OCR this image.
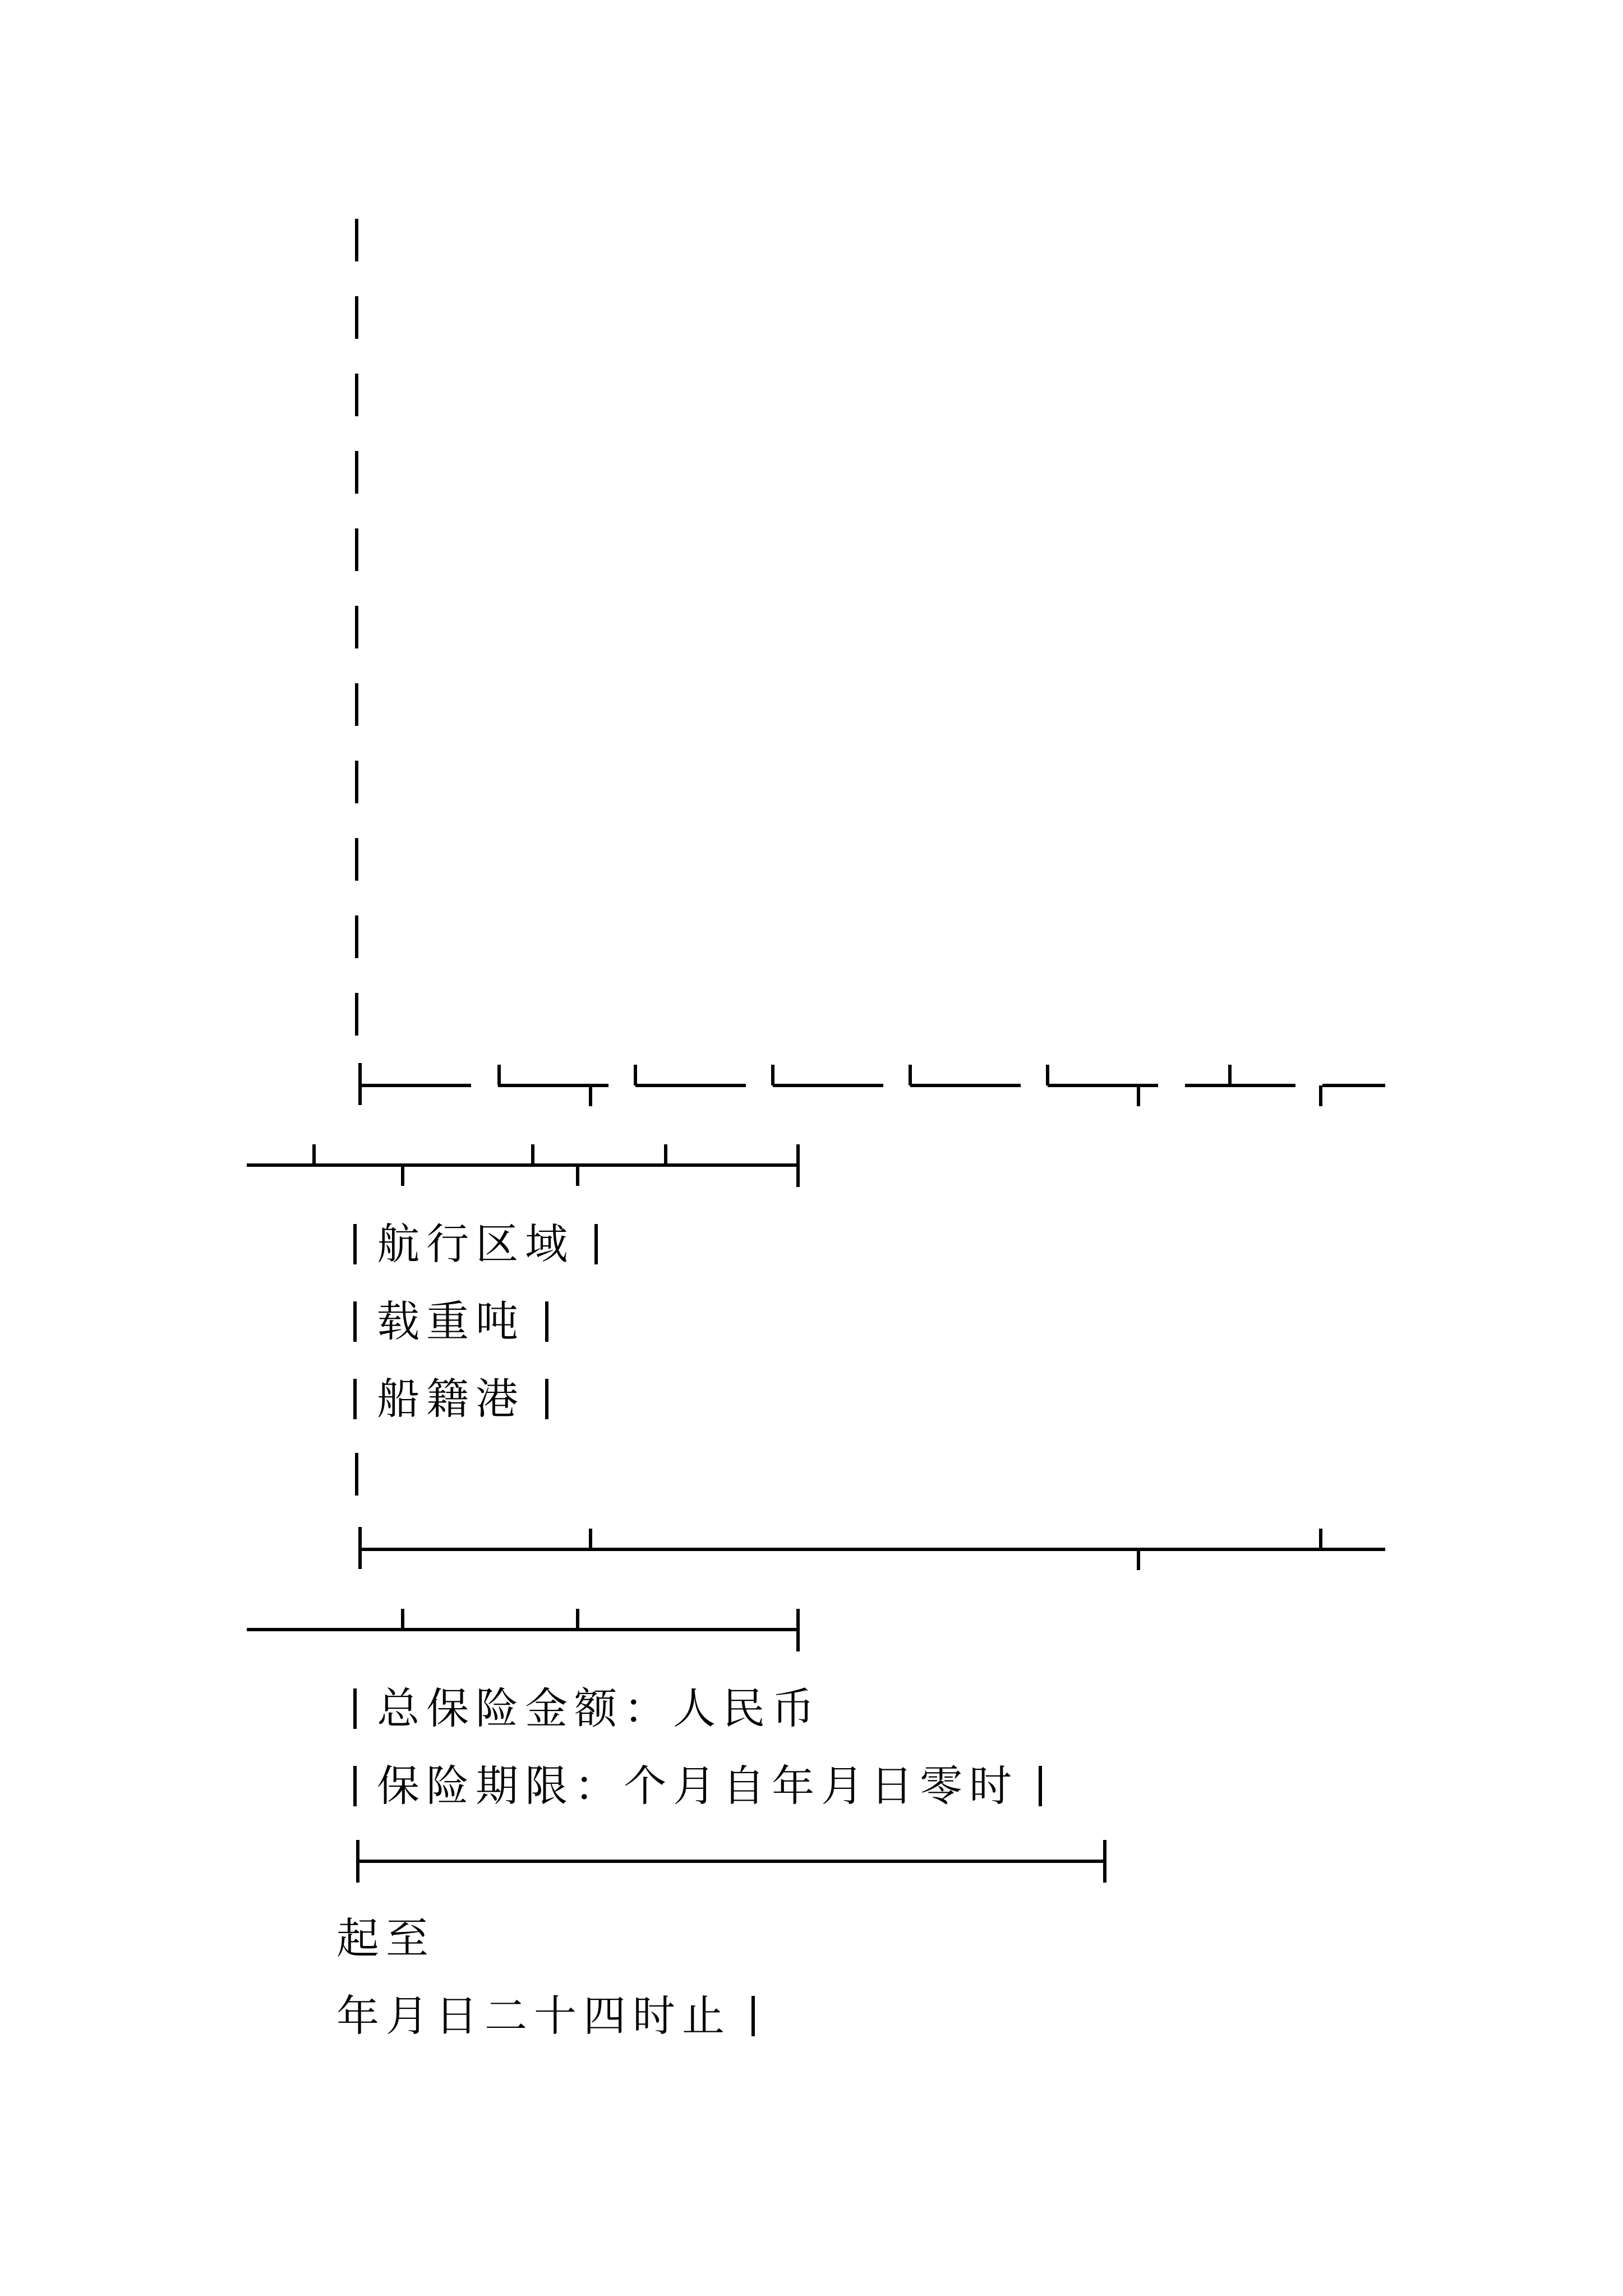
航行区域
载重吨
船籍港
总保险金额：人民币
保险期限：个月自年月日零时
起至
年月日二十四时止
